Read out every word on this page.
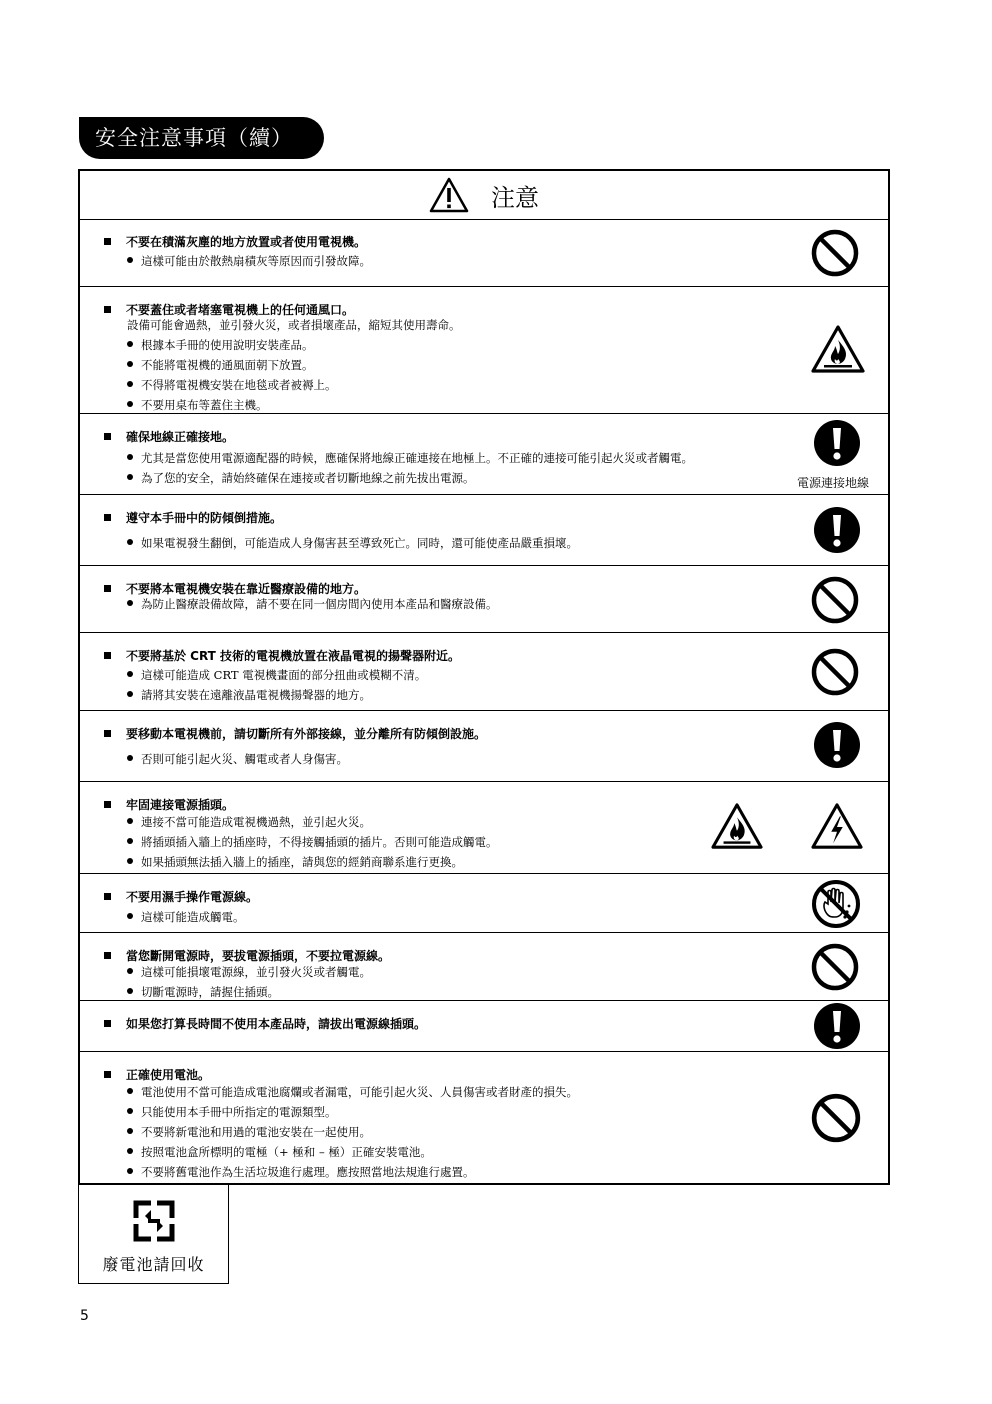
安全注意事項（續）
注意
不要在積滿灰塵的地方放置或者使用電視機。
這樣可能由於散熱扇積灰等原因而引發故障。
不要蓋住或者堵塞電視機上的任何通風口。
設備可能會過熱，並引發火災，或者損壞產品，縮短其使用壽命。
根據本手冊的使用說明安裝產品。
不能將電視機的通風面朝下放置。
不得將電視機安裝在地毯或者被褥上。
不要用桌布等蓋住主機。
確保地線正確接地。
尤其是當您使用電源適配器的時候，應確保將地線正確連接在地極上。不正確的連接可能引起火災或者觸電。
為了您的安全，請始終確保在連接或者切斷地線之前先拔出電源。	電源連接地線
遵守本手冊中的防傾倒措施。
如果電視發生翻倒，可能造成人身傷害甚至導致死亡。同時，還可能使產品嚴重損壞。
不要將本電視機安裝在靠近醫療設備的地方。
為防止醫療設備故障，請不要在同一個房間內使用本產品和醫療設備。
不要將基於 CRT 技術的電視機放置在液晶電視的揚聲器附近。
這樣可能造成 CRT 電視機畫面的部分扭曲或模糊不清。
請將其安裝在遠離液晶電視機揚聲器的地方。
要移動本電視機前，請切斷所有外部接線，並分離所有防傾倒設施。
否則可能引起火災、觸電或者人身傷害。
牢固連接電源插頭。
連接不當可能造成電視機過熱，並引起火災。
將插頭插入牆上的插座時，不得接觸插頭的插片。否則可能造成觸電。
如果插頭無法插入牆上的插座，請與您的經銷商聯系進行更換。
不要用濕手操作電源線。
這樣可能造成觸電。
當您斷開電源時，要拔電源插頭，不要拉電源線。
這樣可能損壞電源線，並引發火災或者觸電。
切斷電源時，請握住插頭。
如果您打算長時間不使用本產品時，請拔出電源線插頭。
正確使用電池。
電池使用不當可能造成電池腐爛或者漏電，可能引起火災、人員傷害或者財產的損失。
只能使用本手冊中所指定的電源類型。
不要將新電池和用過的電池安裝在一起使用。
按照電池盒所標明的電極（+ 極和 – 極）正確安裝電池。
不要將舊電池作為生活垃圾進行處理。應按照當地法規進行處置。
廢電池請回收
5
